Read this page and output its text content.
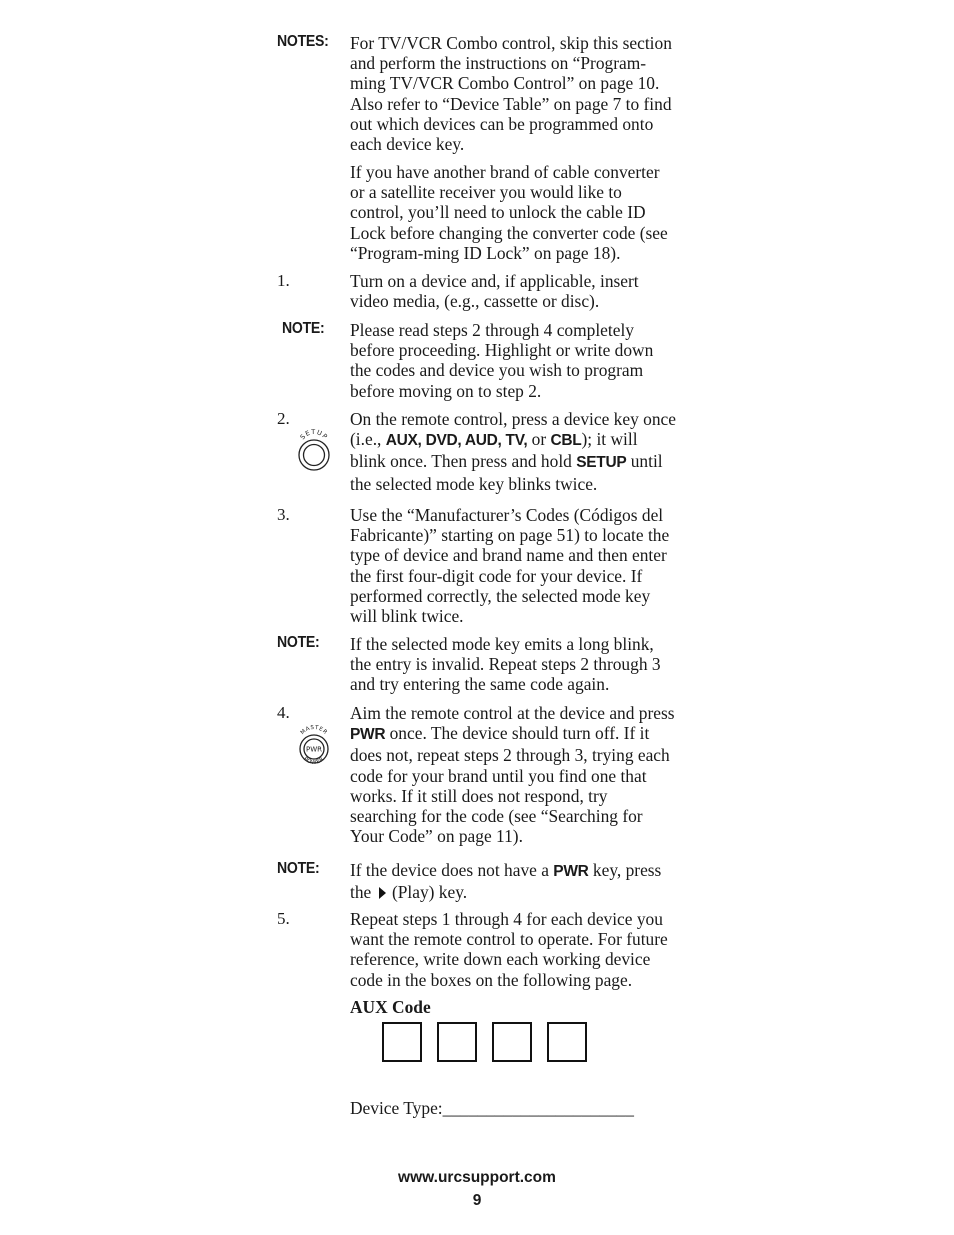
NOTES: For TV/VCR Combo control, skip this section and perform the instructions on “Program-ming TV/VCR Combo Control” on page 10. Also refer to “Device Table” on page 7 to find out which devices can be programmed onto each device key.
If you have another brand of cable converter or a satellite receiver you would like to control, you’ll need to unlock the cable ID Lock before changing the converter code (see “Program-ming ID Lock” on page 18).
1.	Turn on a device and, if applicable, insert video media, (e.g., cassette or disc).
NOTE: Please read steps 2 through 4 completely before proceeding. Highlight or write down the codes and device you wish to program before moving on to step 2.
2.	On the remote control, press a device key once (i.e., AUX, DVD, AUD, TV, or CBL); it will blink once. Then press and hold SETUP until the selected mode key blinks twice.
SETUP
3.	Use the “Manufacturer’s Codes (Códigos del Fabricante)” starting on page 51) to locate the type of device and brand name and then enter the first four-digit code for your device. If performed correctly, the selected mode key will blink twice.
NOTE: If the selected mode key emits a long blink, the entry is invalid. Repeat steps 2 through 3 and try entering the same code again.
4.	Aim the remote control at the device and press PWR once. The device should turn off. If it does not, repeat steps 2 through 3, trying each code for your brand until you find one that works. If it still does not respond, try searching for the code (see “Searching for Your Code” on page 11).
MASTER
PWR
POWER
NOTE: If the device does not have a PWR key, press the  (Play) key.
5.	Repeat steps 1 through 4 for each device you want the remote control to operate. For future reference, write down each working device code in the boxes on the following page.
AUX Code
Device Type:______________________
www.urcsupport.com
9
